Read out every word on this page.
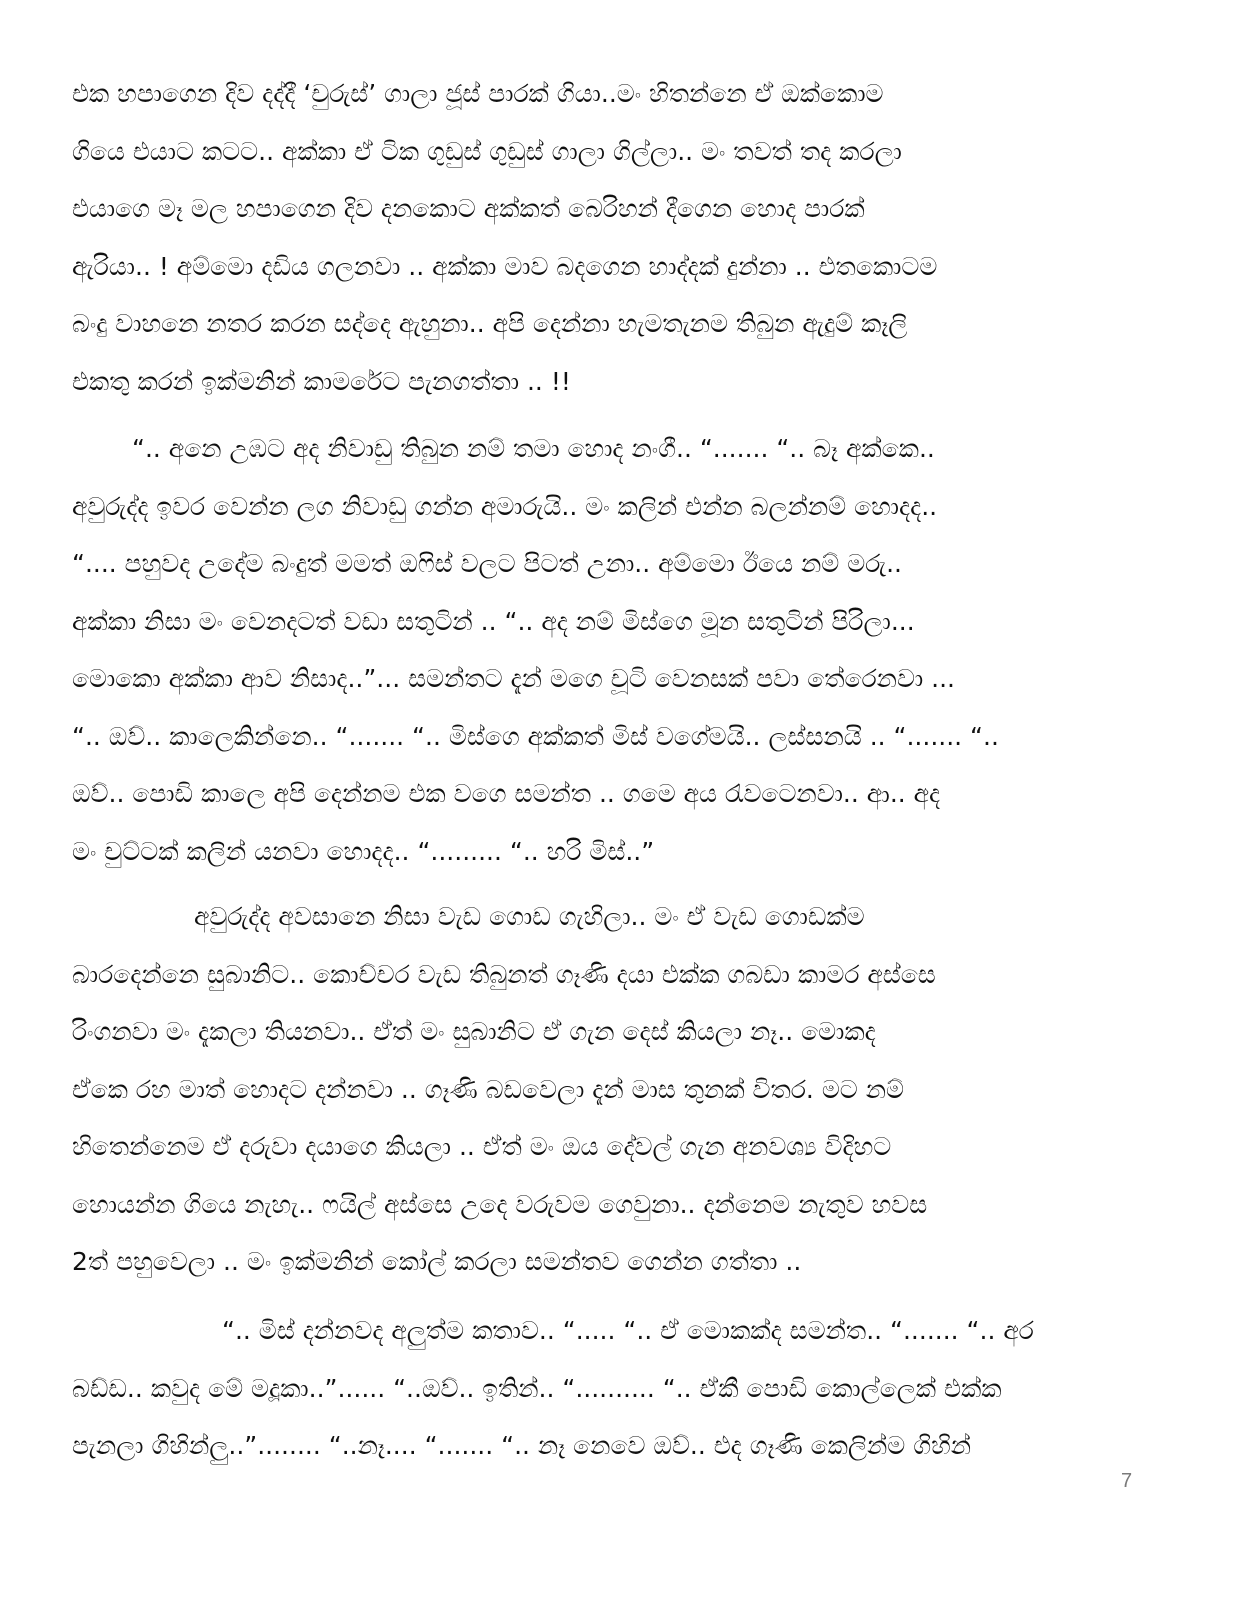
එක හපාගෙන දිව දද්දී ‘චුරුස්’ ගාලා ජූස් පාරක් ගියා..මං හිතන්නෙ ඒ ඔක්කොම
ගියෙ එයාට කටට.. අක්කා ඒ ටික ගුඩුස් ගුඩුස් ගාලා ගිල්ලා.. මං තවත් තද කරලා
එයාගෙ මෑ මල හපාගෙන දිව දනකොට අක්කත් බෙරිහන් දීගෙන හොද පාරක්
ඇරියා.. ! අම්මො දඩිය ගලනවා .. අක්කා මාව බදගෙන හාද්දක් දුන්නා .. එතකොටම
බංදු වාහනෙ නතර කරන සද්දෙ ඇහුනා.. අපි දෙන්නා හැමතැනම තිබුන ඇදුම් කෑලි
එකතු කරන් ඉක්මනින් කාමරේට පැනගත්තා .. !!
“.. අනෙ උඹට අද නිවාඩු තිබුන නම් තමා හොද නංගී.. “....... “.. බෑ අක්කෙ..
අවුරුද්ද ඉවර වෙන්න ලග නිවාඩු ගන්න අමාරුයි.. මං කලින් එන්න බලන්නම් හොදද..
“.... පහුවද උදේම බංදුත් මමත් ඔෆිස් වලට පිටත් උනා.. අම්මො ඊයෙ නම් මරු..
අක්කා නිසා මං වෙනදටත් වඩා සතුටින් .. “.. අද නම් මිස්ගෙ මූන සතුටින් පිරිලා...
මොකො අක්කා ආව නිසාද..”... සමන්තට දැන් මගෙ චූටි වෙනසක් පවා තේරෙනවා ...
“.. ඔව්.. කාලෙකින්නෙ.. “....... “.. මිස්ගෙ අක්කත් මිස් වගේමයි.. ලස්සනයි .. “....... “..
ඔව්.. පොඩි කාලෙ අපි දෙන්නම එක වගෙ සමන්ත .. ගමෙ අය රැවටෙනවා.. ආ.. අද
මං චුට්ටක් කලින් යනවා හොදද.. “......... “.. හරි මිස්..”
අවුරුද්ද අවසානෙ නිසා වැඩ ගොඩ ගැහිලා.. මං ඒ වැඩ ගොඩක්ම
බාරදෙන්නෙ සුබානිට.. කොච්චර වැඩ තිබුනත් ගෑණි දයා එක්ක ගබඩා කාමර අස්සෙ
රිංගනවා මං දැකලා තියනවා.. ඒත් මං සුබානිට ඒ ගැන දෙස් කියලා නෑ.. මොකද
ඒකෙ රහ මාත් හොදට දන්නවා .. ගෑණි බඩවෙලා දැන් මාස තුනක් විතර. මට නම්
හිතෙන්නෙම ඒ දරුවා දයාගෙ කියලා .. ඒත් මං ඔය දේවල් ගැන අනවශ්‍ය විදිහට
හොයන්න ගියෙ නැහැ.. ෆයිල් අස්සෙ උදෙ වරුවම ගෙවුනා.. දන්නෙම නැතුව හවස
2ත් පහුවෙලා .. මං ඉක්මනින් කෝල් කරලා සමන්තව ගෙන්න ගත්තා ..
“.. මිස් දන්නවද අලුත්ම කතාව.. “..... “.. ඒ මොකක්ද සමන්ත.. “....... “.. අර
බඩ්ඩ.. කවුද මේ මදූකා..”...... “..ඔව්.. ඉතින්.. “.......... “.. ඒකී පොඩි කොල්ලෙක් එක්ක
පැනලා ගිහින්ලු..”........ “..නෑ.... “....... “.. නෑ නෙවෙ ඔව්.. එද ගෑණි කෙලින්ම ගිහින්
7
